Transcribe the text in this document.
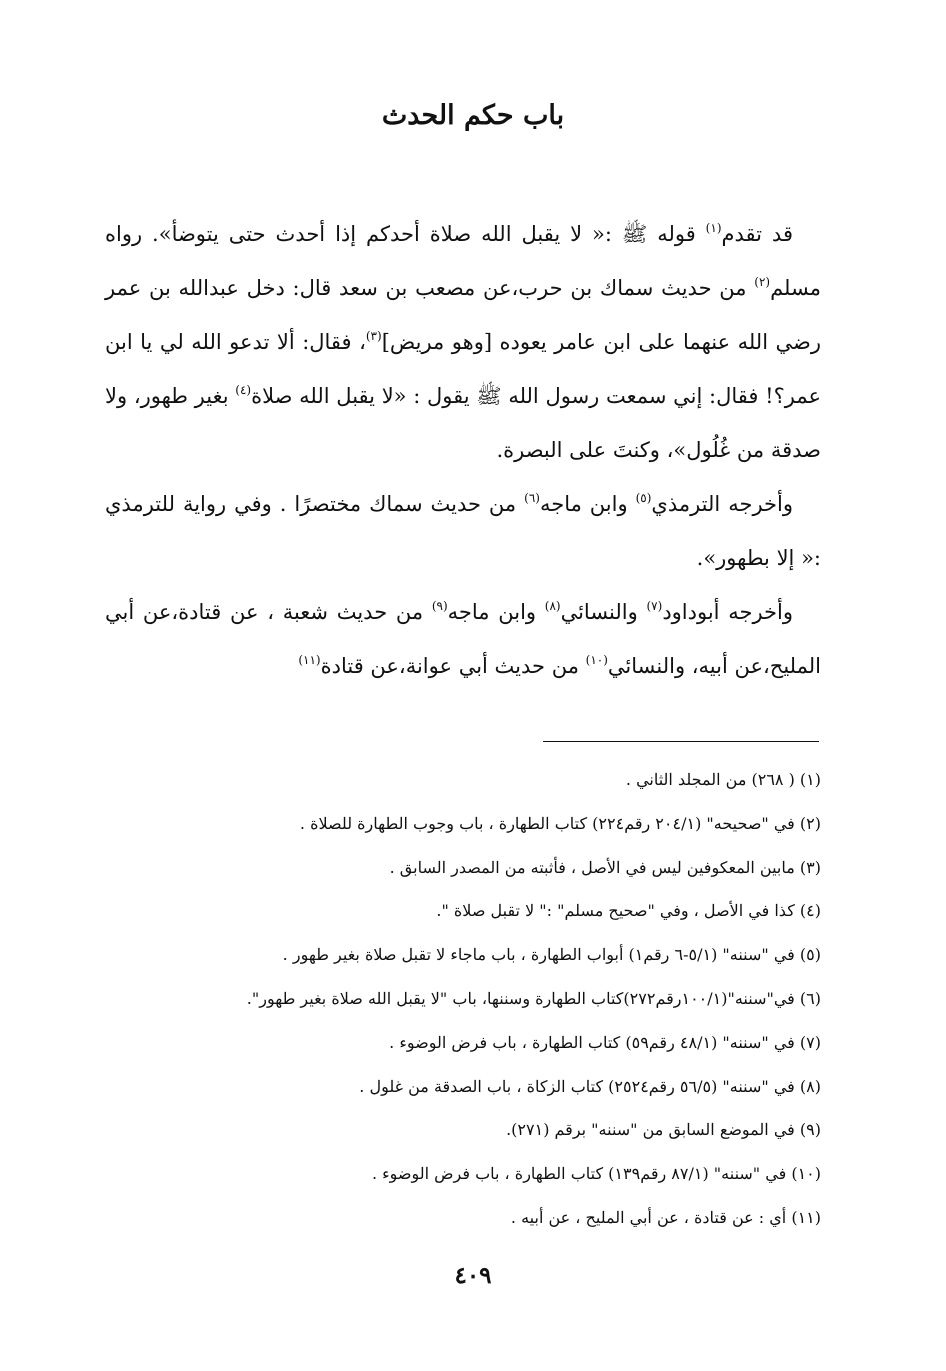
باب حكم الحدث

قد تقدم$^{(١)}$ قوله ﷺ :« لا يقبل الله صلاة أحدكم إذا أحدث حتى يتوضأ». رواه مسلم$^{(٢)}$ من حديث سماك بن حرب،عن مصعب بن سعد قال: دخل عبدالله بن عمر رضي الله عنهما على ابن عامر يعوده [وهو مريض]$^{(٣)}$، فقال: ألا تدعو الله لي يا ابن عمر؟! فقال: إني سمعت رسول الله ﷺ يقول : «لا يقبل الله صلاة$^{(٤)}$ بغير طهور، ولا صدقة من غُلُول»، وكنتَ على البصرة.

وأخرجه الترمذي$^{(٥)}$ وابن ماجه$^{(٦)}$ من حديث سماك مختصرًا . وفي رواية للترمذي :« إلا بطهور».

وأخرجه أبوداود$^{(٧)}$ والنسائي$^{(٨)}$ وابن ماجه$^{(٩)}$ من حديث شعبة ، عن قتادة،عن أبي المليح،عن أبيه، والنسائي$^{(١٠)}$ من حديث أبي عوانة،عن قتادة$^{(١١)}$

(١) ( ٢٦٨) من المجلد الثاني .
(٢) في "صحيحه" (٢٠٤/١ رقم٢٢٤) كتاب الطهارة ، باب وجوب الطهارة للصلاة .
(٣) مابين المعكوفين ليس في الأصل ، فأثبته من المصدر السابق .
(٤) كذا في الأصل ، وفي "صحيح مسلم" :" لا تقبل صلاة ".
(٥) في "سننه" (٥/١-٦ رقم١) أبواب الطهارة ، باب ماجاء لا تقبل صلاة بغير طهور .
(٦) في"سننه"(١٠٠/١رقم٢٧٢)كتاب الطهارة وسننها، باب "لا يقبل الله صلاة بغير طهور".
(٧) في "سننه" (٤٨/١ رقم٥٩) كتاب الطهارة ، باب فرض الوضوء .
(٨) في "سننه" (٥٦/٥ رقم٢٥٢٤) كتاب الزكاة ، باب الصدقة من غلول .
(٩) في الموضع السابق من "سننه" برقم (٢٧١).
(١٠) في "سننه" (٨٧/١ رقم١٣٩) كتاب الطهارة ، باب فرض الوضوء .
(١١) أي : عن قتادة ، عن أبي المليح ، عن أبيه .
٤٠٩
